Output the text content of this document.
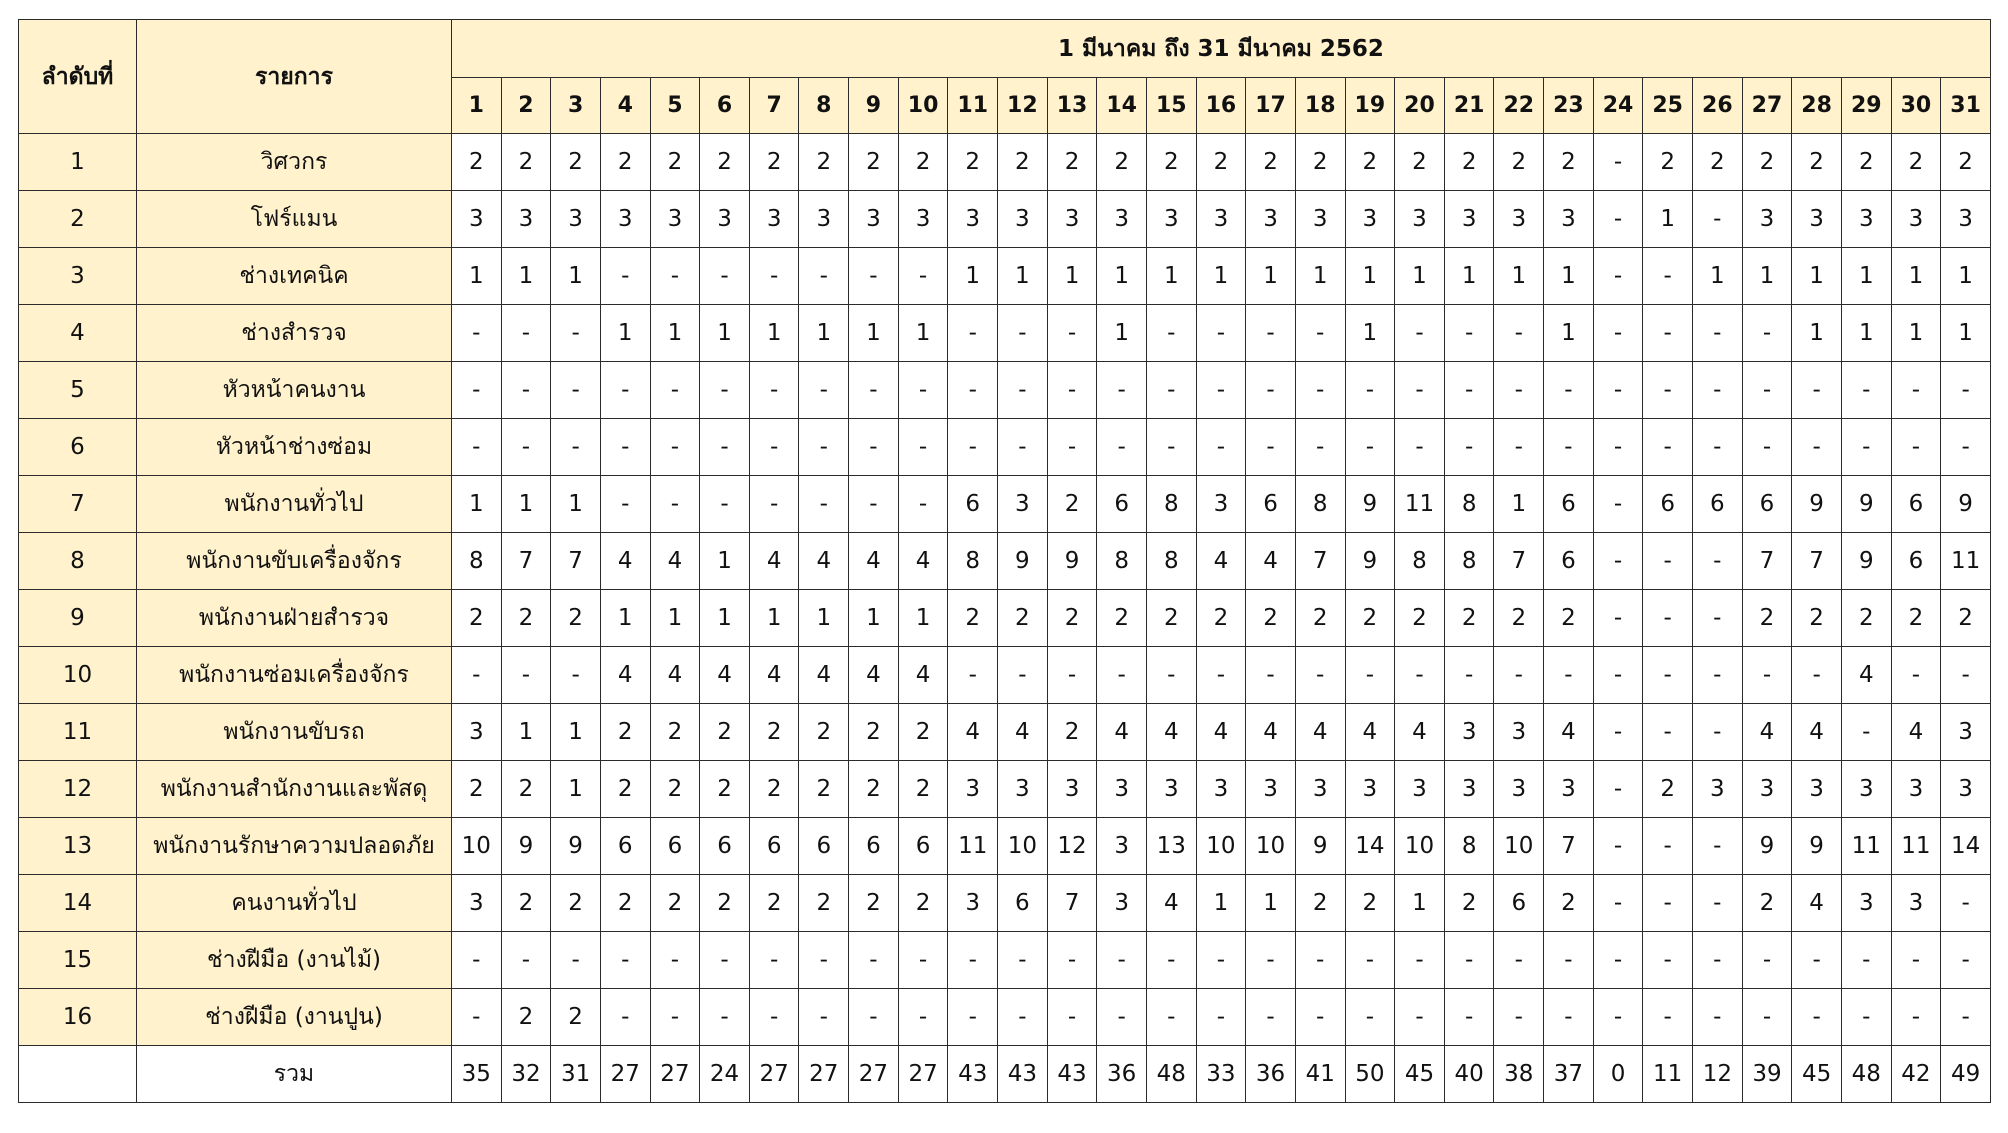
ลำดับที่	รายการ	1 มีนาคม ถึง 31 มีนาคม 2562																														
		1	2	3	4	5	6	7	8	9	10	11	12	13	14	15	16	17	18	19	20	21	22	23	24	25	26	27	28	29	30	31
1	วิศวกร	2	2	2	2	2	2	2	2	2	2	2	2	2	2	2	2	2	2	2	2	2	2	2	-	2	2	2	2	2	2	2
2	โฟร์แมน	3	3	3	3	3	3	3	3	3	3	3	3	3	3	3	3	3	3	3	3	3	3	3	-	1	-	3	3	3	3	3
3	ช่างเทคนิค	1	1	1	-	-	-	-	-	-	-	1	1	1	1	1	1	1	1	1	1	1	1	1	-	-	1	1	1	1	1	1
4	ช่างสำรวจ	-	-	-	1	1	1	1	1	1	1	-	-	-	1	-	-	-	-	1	-	-	-	1	-	-	-	-	1	1	1	1
5	หัวหน้าคนงาน	-	-	-	-	-	-	-	-	-	-	-	-	-	-	-	-	-	-	-	-	-	-	-	-	-	-	-	-	-	-	-
6	หัวหน้าช่างซ่อม	-	-	-	-	-	-	-	-	-	-	-	-	-	-	-	-	-	-	-	-	-	-	-	-	-	-	-	-	-	-	-
7	พนักงานทั่วไป	1	1	1	-	-	-	-	-	-	-	6	3	2	6	8	3	6	8	9	11	8	1	6	-	6	6	6	9	9	6	9
8	พนักงานขับเครื่องจักร	8	7	7	4	4	1	4	4	4	4	8	9	9	8	8	4	4	7	9	8	8	7	6	-	-	-	7	7	9	6	11
9	พนักงานฝ่ายสำรวจ	2	2	2	1	1	1	1	1	1	1	2	2	2	2	2	2	2	2	2	2	2	2	2	-	-	-	2	2	2	2	2
10	พนักงานซ่อมเครื่องจักร	-	-	-	4	4	4	4	4	4	4	-	-	-	-	-	-	-	-	-	-	-	-	-	-	-	-	-	-	4	-	-
11	พนักงานขับรถ	3	1	1	2	2	2	2	2	2	2	4	4	2	4	4	4	4	4	4	4	3	3	4	-	-	-	4	4	-	4	3
12	พนักงานสำนักงานและพัสดุ	2	2	1	2	2	2	2	2	2	2	3	3	3	3	3	3	3	3	3	3	3	3	3	-	2	3	3	3	3	3	3
13	พนักงานรักษาความปลอดภัย	10	9	9	6	6	6	6	6	6	6	11	10	12	3	13	10	10	9	14	10	8	10	7	-	-	-	9	9	11	11	14
14	คนงานทั่วไป	3	2	2	2	2	2	2	2	2	2	3	6	7	3	4	1	1	2	2	1	2	6	2	-	-	-	2	4	3	3	-
15	ช่างฝีมือ (งานไม้)	-	-	-	-	-	-	-	-	-	-	-	-	-	-	-	-	-	-	-	-	-	-	-	-	-	-	-	-	-	-	-
16	ช่างฝีมือ (งานปูน)	-	2	2	-	-	-	-	-	-	-	-	-	-	-	-	-	-	-	-	-	-	-	-	-	-	-	-	-	-	-	-
	รวม	35	32	31	27	27	24	27	27	27	27	43	43	43	36	48	33	36	41	50	45	40	38	37	0	11	12	39	45	48	42	49
